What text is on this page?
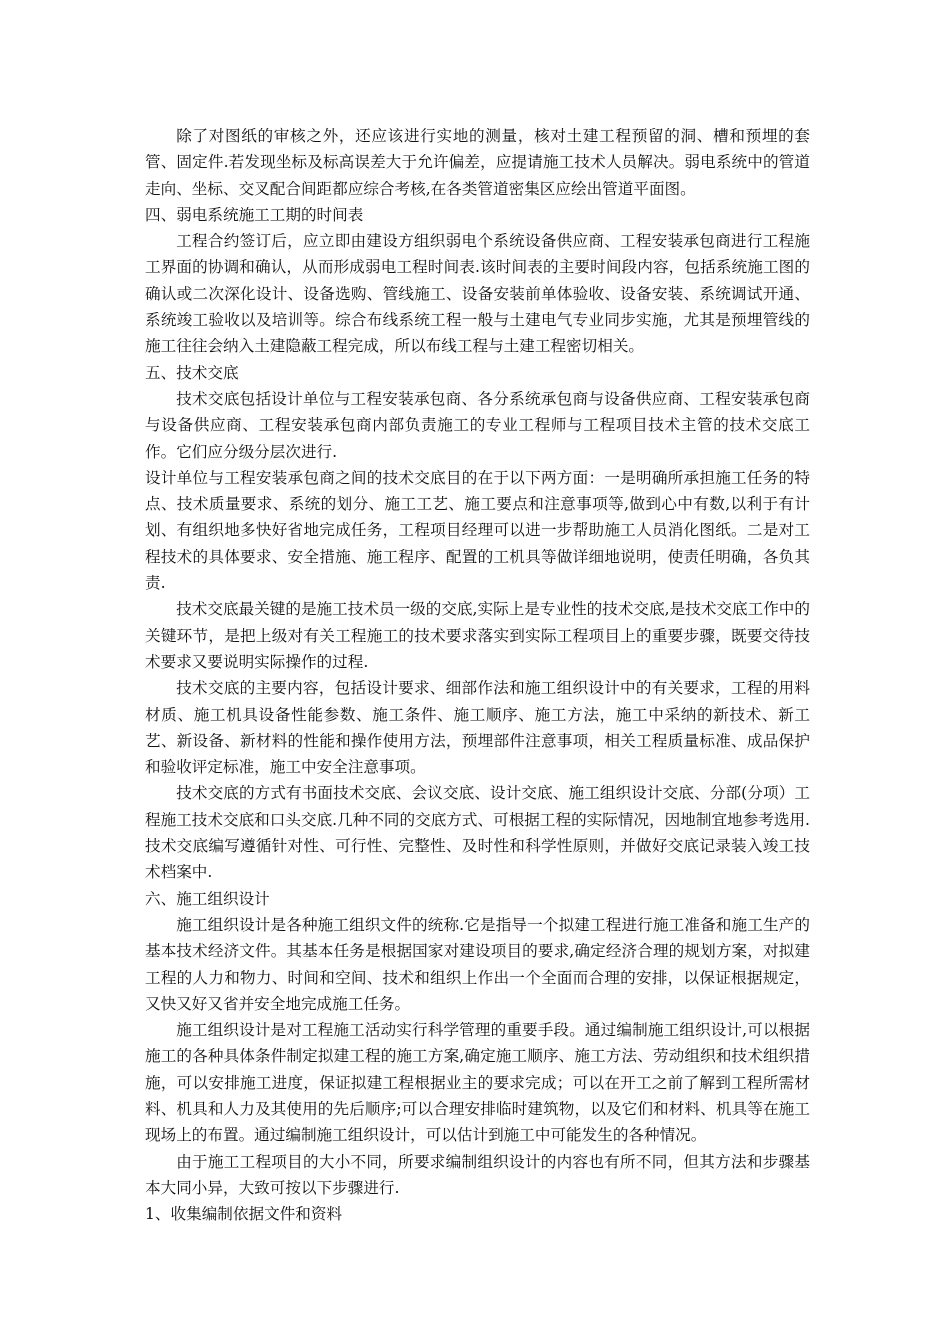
除了对图纸的审核之外，还应该进行实地的测量，核对土建工程预留的洞、槽和预埋的套管、固定件.若发现坐标及标高误差大于允许偏差，应提请施工技术人员解决。弱电系统中的管道走向、坐标、交叉配合间距都应综合考核,在各类管道密集区应绘出管道平面图。

四、弱电系统施工工期的时间表

工程合约签订后，应立即由建设方组织弱电个系统设备供应商、工程安装承包商进行工程施工界面的协调和确认，从而形成弱电工程时间表.该时间表的主要时间段内容，包括系统施工图的确认或二次深化设计、设备选购、管线施工、设备安装前单体验收、设备安装、系统调试开通、系统竣工验收以及培训等。综合布线系统工程一般与土建电气专业同步实施，尤其是预埋管线的施工往往会纳入土建隐蔽工程完成，所以布线工程与土建工程密切相关。

五、技术交底

技术交底包括设计单位与工程安装承包商、各分系统承包商与设备供应商、工程安装承包商与设备供应商、工程安装承包商内部负责施工的专业工程师与工程项目技术主管的技术交底工作。它们应分级分层次进行.

设计单位与工程安装承包商之间的技术交底目的在于以下两方面：一是明确所承担施工任务的特点、技术质量要求、系统的划分、施工工艺、施工要点和注意事项等,做到心中有数,以利于有计划、有组织地多快好省地完成任务，工程项目经理可以进一步帮助施工人员消化图纸。二是对工程技术的具体要求、安全措施、施工程序、配置的工机具等做详细地说明，使责任明确，各负其责.

技术交底最关键的是施工技术员一级的交底,实际上是专业性的技术交底,是技术交底工作中的关键环节，是把上级对有关工程施工的技术要求落实到实际工程项目上的重要步骤，既要交待技术要求又要说明实际操作的过程.

技术交底的主要内容，包括设计要求、细部作法和施工组织设计中的有关要求，工程的用料材质、施工机具设备性能参数、施工条件、施工顺序、施工方法，施工中采纳的新技术、新工艺、新设备、新材料的性能和操作使用方法，预埋部件注意事项，相关工程质量标准、成品保护和验收评定标准，施工中安全注意事项。

技术交底的方式有书面技术交底、会议交底、设计交底、施工组织设计交底、分部(分项）工程施工技术交底和口头交底.几种不同的交底方式、可根据工程的实际情况，因地制宜地参考选用.技术交底编写遵循针对性、可行性、完整性、及时性和科学性原则，并做好交底记录装入竣工技术档案中.

六、施工组织设计

施工组织设计是各种施工组织文件的统称.它是指导一个拟建工程进行施工准备和施工生产的基本技术经济文件。其基本任务是根据国家对建设项目的要求,确定经济合理的规划方案，对拟建工程的人力和物力、时间和空间、技术和组织上作出一个全面而合理的安排，以保证根据规定，又快又好又省并安全地完成施工任务。

施工组织设计是对工程施工活动实行科学管理的重要手段。通过编制施工组织设计,可以根据施工的各种具体条件制定拟建工程的施工方案,确定施工顺序、施工方法、劳动组织和技术组织措施，可以安排施工进度，保证拟建工程根据业主的要求完成；可以在开工之前了解到工程所需材料、机具和人力及其使用的先后顺序;可以合理安排临时建筑物，以及它们和材料、机具等在施工现场上的布置。通过编制施工组织设计，可以估计到施工中可能发生的各种情况。

由于施工工程项目的大小不同，所要求编制组织设计的内容也有所不同，但其方法和步骤基本大同小异，大致可按以下步骤进行.

1、收集编制依据文件和资料
